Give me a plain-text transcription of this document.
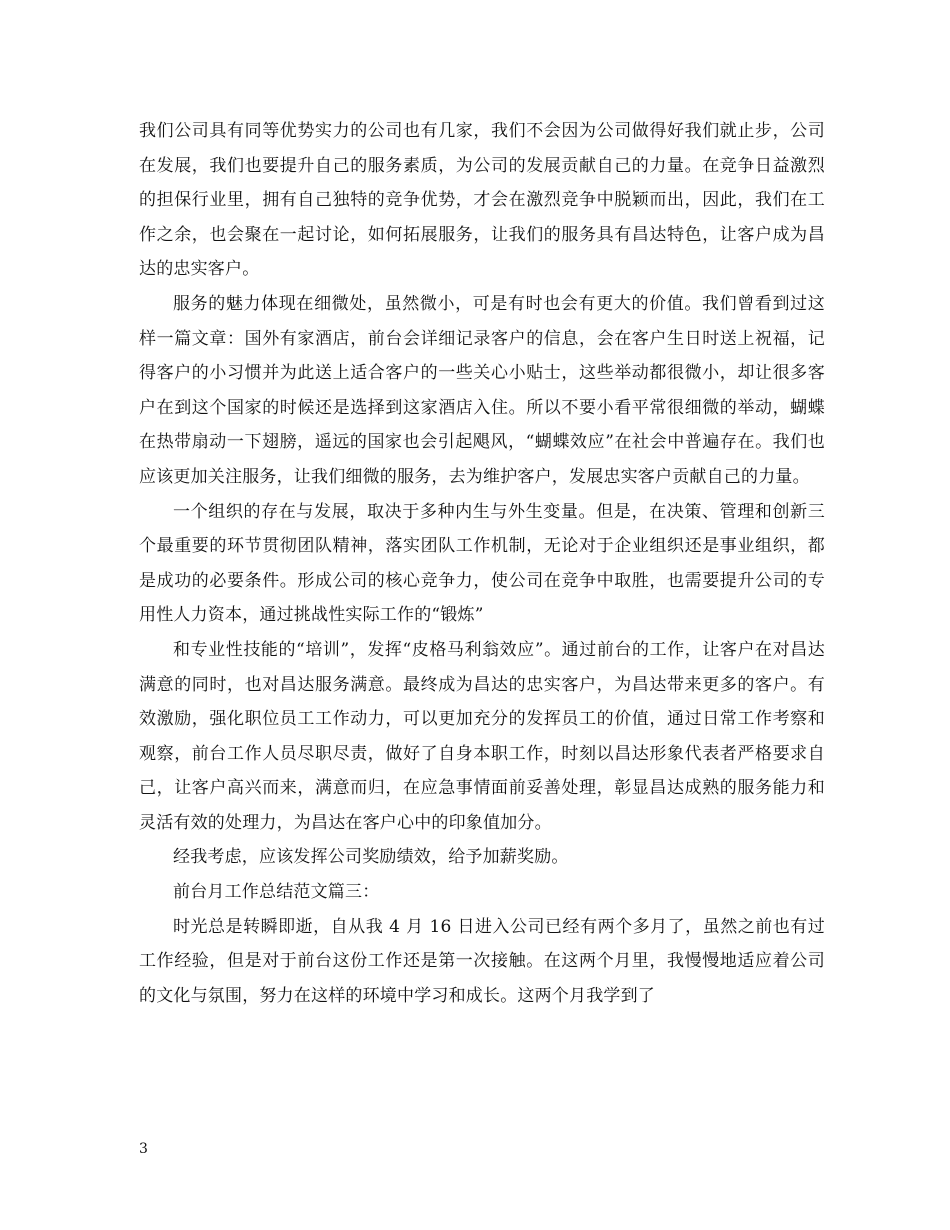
我们公司具有同等优势实力的公司也有几家，我们不会因为公司做得好我们就止步，公司在发展，我们也要提升自己的服务素质，为公司的发展贡献自己的力量。在竞争日益激烈的担保行业里，拥有自己独特的竞争优势，才会在激烈竞争中脱颖而出，因此，我们在工作之余，也会聚在一起讨论，如何拓展服务，让我们的服务具有昌达特色，让客户成为昌达的忠实客户。

服务的魅力体现在细微处，虽然微小，可是有时也会有更大的价值。我们曾看到过这样一篇文章：国外有家酒店，前台会详细记录客户的信息，会在客户生日时送上祝福，记得客户的小习惯并为此送上适合客户的一些关心小贴士，这些举动都很微小，却让很多客户在到这个国家的时候还是选择到这家酒店入住。所以不要小看平常很细微的举动，蝴蝶在热带扇动一下翅膀，遥远的国家也会引起飓风，“蝴蝶效应”在社会中普遍存在。我们也应该更加关注服务，让我们细微的服务，去为维护客户，发展忠实客户贡献自己的力量。

一个组织的存在与发展，取决于多种内生与外生变量。但是，在决策、管理和创新三个最重要的环节贯彻团队精神，落实团队工作机制，无论对于企业组织还是事业组织，都是成功的必要条件。形成公司的核心竞争力，使公司在竞争中取胜，也需要提升公司的专用性人力资本，通过挑战性实际工作的“锻炼”

和专业性技能的“培训”，发挥“皮格马利翁效应”。通过前台的工作，让客户在对昌达满意的同时，也对昌达服务满意。最终成为昌达的忠实客户，为昌达带来更多的客户。有效激励，强化职位员工工作动力，可以更加充分的发挥员工的价值，通过日常工作考察和观察，前台工作人员尽职尽责，做好了自身本职工作，时刻以昌达形象代表者严格要求自己，让客户高兴而来，满意而归，在应急事情面前妥善处理，彰显昌达成熟的服务能力和灵活有效的处理力，为昌达在客户心中的印象值加分。

经我考虑，应该发挥公司奖励绩效，给予加薪奖励。

前台月工作总结范文篇三：

时光总是转瞬即逝，自从我 4 月 16 日进入公司已经有两个多月了，虽然之前也有过工作经验，但是对于前台这份工作还是第一次接触。在这两个月里，我慢慢地适应着公司的文化与氛围，努力在这样的环境中学习和成长。这两个月我学到了

3
